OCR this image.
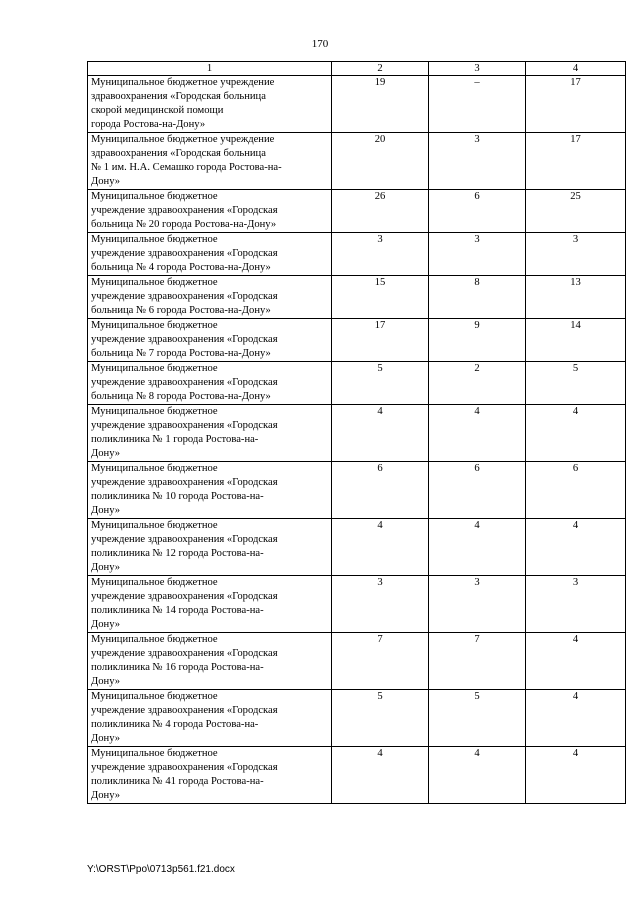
170
1	2	3	4

Муниципальное бюджетное учреждение
здравоохранения «Городская больница
скорой медицинской помощи
города Ростова-на-Дону»	19	–	17

Муниципальное бюджетное учреждение
здравоохранения «Городская больница
№ 1 им. Н.А. Семашко города Ростова-на-
Дону»	20	3	17

Муниципальное бюджетное
учреждение здравоохранения «Городская
больница № 20 города Ростова-на-Дону»	26	6	25

Муниципальное бюджетное
учреждение здравоохранения «Городская
больница № 4 города Ростова-на-Дону»	3	3	3

Муниципальное бюджетное
учреждение здравоохранения «Городская
больница № 6 города Ростова-на-Дону»	15	8	13

Муниципальное бюджетное
учреждение здравоохранения «Городская
больница № 7 города Ростова-на-Дону»	17	9	14

Муниципальное бюджетное
учреждение здравоохранения «Городская
больница № 8 города Ростова-на-Дону»	5	2	5

Муниципальное бюджетное
учреждение здравоохранения «Городская
поликлиника № 1 города Ростова-на-
Дону»	4	4	4

Муниципальное бюджетное
учреждение здравоохранения «Городская
поликлиника № 10 города Ростова-на-
Дону»	6	6	6

Муниципальное бюджетное
учреждение здравоохранения «Городская
поликлиника № 12 города Ростова-на-
Дону»	4	4	4

Муниципальное бюджетное
учреждение здравоохранения «Городская
поликлиника № 14 города Ростова-на-
Дону»	3	3	3

Муниципальное бюджетное
учреждение здравоохранения «Городская
поликлиника № 16 города Ростова-на-
Дону»	7	7	4

Муниципальное бюджетное
учреждение здравоохранения «Городская
поликлиника № 4 города Ростова-на-
Дону»	5	5	4

Муниципальное бюджетное
учреждение здравоохранения «Городская
поликлиника № 41 города Ростова-на-
Дону»	4	4	4
Y:\ORST\Ppo\0713p561.f21.docx
